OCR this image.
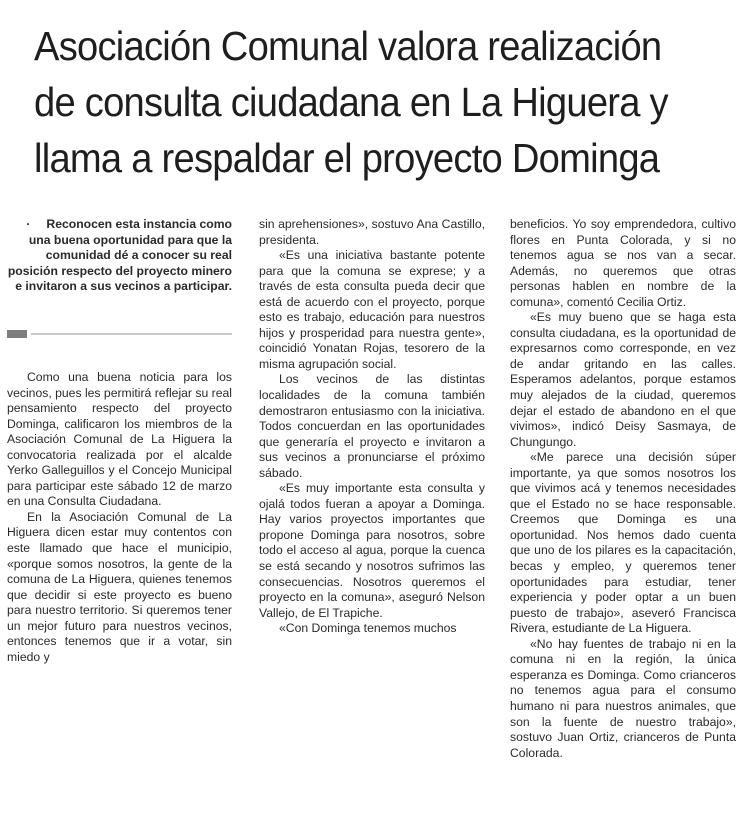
Asociación Comunal valora realización
de consulta ciudadana en La Higuera y
llama a respaldar el proyecto Dominga

· Reconocen esta instancia como una buena oportunidad para que la comunidad dé a conocer su real posición respecto del proyecto minero e invitaron a sus vecinos a participar.

Como una buena noticia para los vecinos, pues les permitirá reflejar su real pensamiento respecto del proyecto Dominga, calificaron los miembros de la Asociación Comunal de La Higuera la convocatoria realizada por el alcalde Yerko Galleguillos y el Concejo Municipal para participar este sábado 12 de marzo en una Consulta Ciudadana.

En la Asociación Comunal de La Higuera dicen estar muy contentos con este llamado que hace el municipio, «porque somos nosotros, la gente de la comuna de La Higuera, quienes tenemos que decidir si este proyecto es bueno para nuestro territorio. Si queremos tener un mejor futuro para nuestros vecinos, entonces tenemos que ir a votar, sin miedo y

sin aprehensiones», sostuvo Ana Castillo, presidenta.

«Es una iniciativa bastante potente para que la comuna se exprese; y a través de esta consulta pueda decir que está de acuerdo con el proyecto, porque esto es trabajo, educación para nuestros hijos y prosperidad para nuestra gente», coincidió Yonatan Rojas, tesorero de la misma agrupación social.

Los vecinos de las distintas localidades de la comuna también demostraron entusiasmo con la iniciativa. Todos concuerdan en las oportunidades que generaría el proyecto e invitaron a sus vecinos a pronunciarse el próximo sábado.

«Es muy importante esta consulta y ojalá todos fueran a apoyar a Dominga. Hay varios proyectos importantes que propone Dominga para nosotros, sobre todo el acceso al agua, porque la cuenca se está secando y nosotros sufrimos las consecuencias. Nosotros queremos el proyecto en la comuna», aseguró Nelson Vallejo, de El Trapiche.

«Con Dominga tenemos muchos

beneficios. Yo soy emprendedora, cultivo flores en Punta Colorada, y si no tenemos agua se nos van a secar. Además, no queremos que otras personas hablen en nombre de la comuna», comentó Cecilia Ortiz.

«Es muy bueno que se haga esta consulta ciudadana, es la oportunidad de expresarnos como corresponde, en vez de andar gritando en las calles. Esperamos adelantos, porque estamos muy alejados de la ciudad, queremos dejar el estado de abandono en el que vivimos», indicó Deisy Sasmaya, de Chungungo.

«Me parece una decisión súper importante, ya que somos nosotros los que vivimos acá y tenemos necesidades que el Estado no se hace responsable. Creemos que Dominga es una oportunidad. Nos hemos dado cuenta que uno de los pilares es la capacitación, becas y empleo, y queremos tener oportunidades para estudiar, tener experiencia y poder optar a un buen puesto de trabajo», aseveró Francisca Rivera, estudiante de La Higuera.

«No hay fuentes de trabajo ni en la comuna ni en la región, la única esperanza es Dominga. Como crianceros no tenemos agua para el consumo humano ni para nuestros animales, que son la fuente de nuestro trabajo», sostuvo Juan Ortiz, crianceros de Punta Colorada.
